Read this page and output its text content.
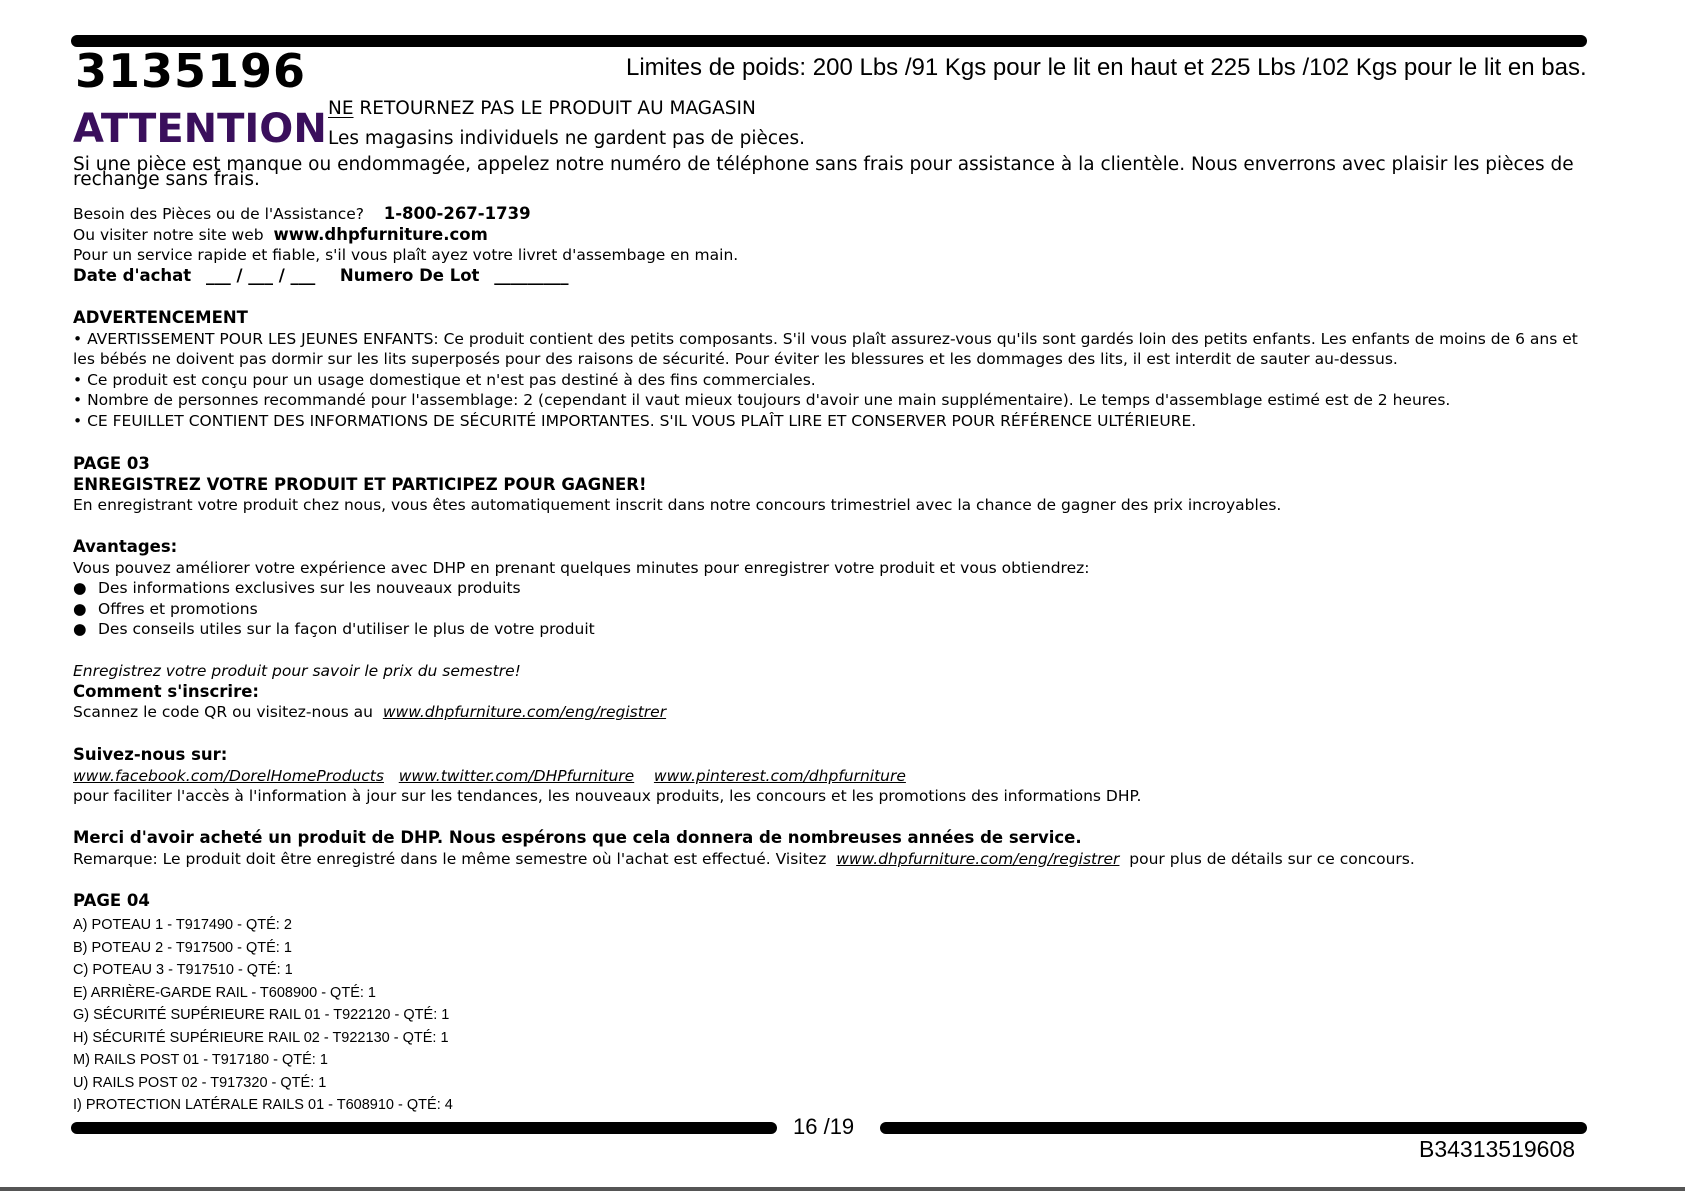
3135196	Limites de poids: 200 Lbs /91 Kgs pour le lit en haut et 225 Lbs /102 Kgs pour le lit en bas.
ATTENTION NE RETOURNEZ PAS LE PRODUIT AU MAGASIN
Les magasins individuels ne gardent pas de pièces.
Si une pièce est manque ou endommagée, appelez notre numéro de téléphone sans frais pour assistance à la clientèle. Nous enverrons avec plaisir les pièces de rechange sans frais.
Besoin des Pièces ou de l'Assistance? 1-800-267-1739
Ou visiter notre site web www.dhpfurniture.com
Pour un service rapide et fiable, s'il vous plaît ayez votre livret d'assembage en main.
Date d'achat ___ / ___ / ___ Numero De Lot _________
ADVERTENCEMENT
• AVERTISSEMENT POUR LES JEUNES ENFANTS: Ce produit contient des petits composants. S'il vous plaît assurez-vous qu'ils sont gardés loin des petits enfants. Les enfants de moins de 6 ans et
les bébés ne doivent pas dormir sur les lits superposés pour des raisons de sécurité. Pour éviter les blessures et les dommages des lits, il est interdit de sauter au-dessus.
• Ce produit est conçu pour un usage domestique et n'est pas destiné à des fins commerciales.
• Nombre de personnes recommandé pour l'assemblage: 2 (cependant il vaut mieux toujours d'avoir une main supplémentaire). Le temps d'assemblage estimé est de 2 heures.
• CE FEUILLET CONTIENT DES INFORMATIONS DE SÉCURITÉ IMPORTANTES. S'IL VOUS PLAÎT LIRE ET CONSERVER POUR RÉFÉRENCE ULTÉRIEURE.
PAGE 03
ENREGISTREZ VOTRE PRODUIT ET PARTICIPEZ POUR GAGNER!
En enregistrant votre produit chez nous, vous êtes automatiquement inscrit dans notre concours trimestriel avec la chance de gagner des prix incroyables.
Avantages:
Vous pouvez améliorer votre expérience avec DHP en prenant quelques minutes pour enregistrer votre produit et vous obtiendrez:
● Des informations exclusives sur les nouveaux produits
● Offres et promotions
● Des conseils utiles sur la façon d'utiliser le plus de votre produit
Enregistrez votre produit pour savoir le prix du semestre!
Comment s'inscrire:
Scannez le code QR ou visitez-nous au www.dhpfurniture.com/eng/registrer
Suivez-nous sur:
www.facebook.com/DorelHomeProducts www.twitter.com/DHPfurniture www.pinterest.com/dhpfurniture
pour faciliter l'accès à l'information à jour sur les tendances, les nouveaux produits, les concours et les promotions des informations DHP.
Merci d'avoir acheté un produit de DHP. Nous espérons que cela donnera de nombreuses années de service.
Remarque: Le produit doit être enregistré dans le même semestre où l'achat est effectué. Visitez www.dhpfurniture.com/eng/registrer pour plus de détails sur ce concours.
PAGE 04
A) POTEAU 1 - T917490 - QTÉ: 2
B) POTEAU 2 - T917500 - QTÉ: 1
C) POTEAU 3 - T917510 - QTÉ: 1
E) ARRIÈRE-GARDE RAIL - T608900 - QTÉ: 1
G) SÉCURITÉ SUPÉRIEURE RAIL 01 - T922120 - QTÉ: 1
H) SÉCURITÉ SUPÉRIEURE RAIL 02 - T922130 - QTÉ: 1
M) RAILS POST 01 - T917180 - QTÉ: 1
U) RAILS POST 02 - T917320 - QTÉ: 1
I) PROTECTION LATÉRALE RAILS 01 - T608910 - QTÉ: 4
16 /19
B34313519608
